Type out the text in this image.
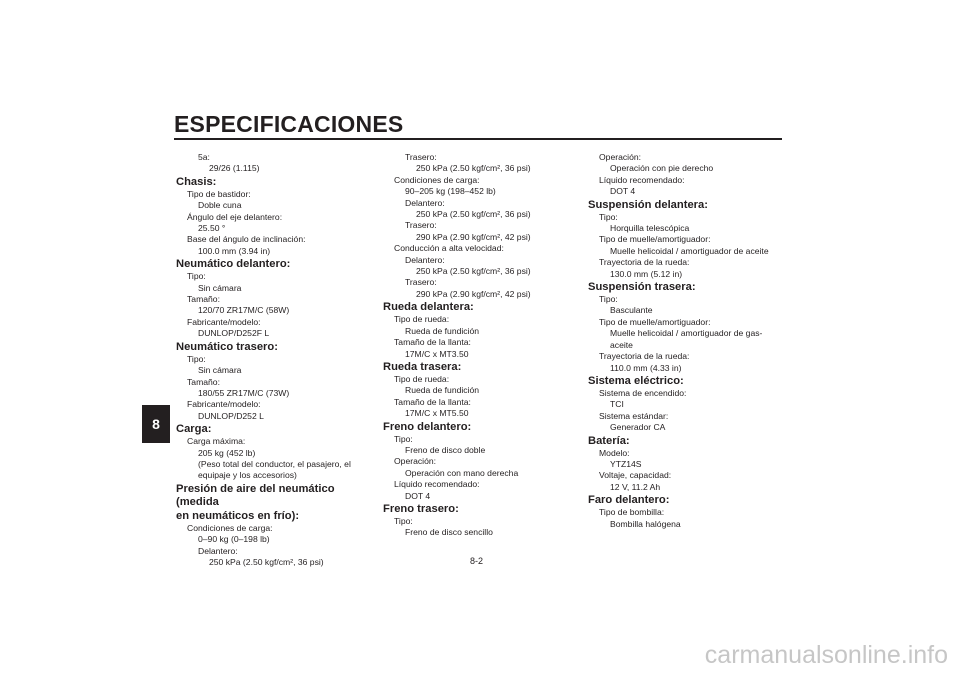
ESPECIFICACIONES
8
5a:
29/26 (1.115)
Chasis:
Tipo de bastidor:
Doble cuna
Ángulo del eje delantero:
25.50 °
Base del ángulo de inclinación:
100.0 mm (3.94 in)
Neumático delantero:
Tipo:
Sin cámara
Tamaño:
120/70 ZR17M/C (58W)
Fabricante/modelo:
DUNLOP/D252F L
Neumático trasero:
Tipo:
Sin cámara
Tamaño:
180/55 ZR17M/C (73W)
Fabricante/modelo:
DUNLOP/D252 L
Carga:
Carga máxima:
205 kg (452 lb)
(Peso total del conductor, el pasajero, el
equipaje y los accesorios)
Presión de aire del neumático (medida
en neumáticos en frío):
Condiciones de carga:
0–90 kg (0–198 lb)
Delantero:
250 kPa (2.50 kgf/cm², 36 psi)
Trasero:
250 kPa (2.50 kgf/cm², 36 psi)
Condiciones de carga:
90–205 kg (198–452 lb)
Delantero:
250 kPa (2.50 kgf/cm², 36 psi)
Trasero:
290 kPa (2.90 kgf/cm², 42 psi)
Conducción a alta velocidad:
Delantero:
250 kPa (2.50 kgf/cm², 36 psi)
Trasero:
290 kPa (2.90 kgf/cm², 42 psi)
Rueda delantera:
Tipo de rueda:
Rueda de fundición
Tamaño de la llanta:
17M/C x MT3.50
Rueda trasera:
Tipo de rueda:
Rueda de fundición
Tamaño de la llanta:
17M/C x MT5.50
Freno delantero:
Tipo:
Freno de disco doble
Operación:
Operación con mano derecha
Líquido recomendado:
DOT 4
Freno trasero:
Tipo:
Freno de disco sencillo
Operación:
Operación con pie derecho
Líquido recomendado:
DOT 4
Suspensión delantera:
Tipo:
Horquilla telescópica
Tipo de muelle/amortiguador:
Muelle helicoidal / amortiguador de aceite
Trayectoria de la rueda:
130.0 mm (5.12 in)
Suspensión trasera:
Tipo:
Basculante
Tipo de muelle/amortiguador:
Muelle helicoidal / amortiguador de gas-
aceite
Trayectoria de la rueda:
110.0 mm (4.33 in)
Sistema eléctrico:
Sistema de encendido:
TCI
Sistema estándar:
Generador CA
Batería:
Modelo:
YTZ14S
Voltaje, capacidad:
12 V, 11.2 Ah
Faro delantero:
Tipo de bombilla:
Bombilla halógena
8-2
carmanualsonline.info
